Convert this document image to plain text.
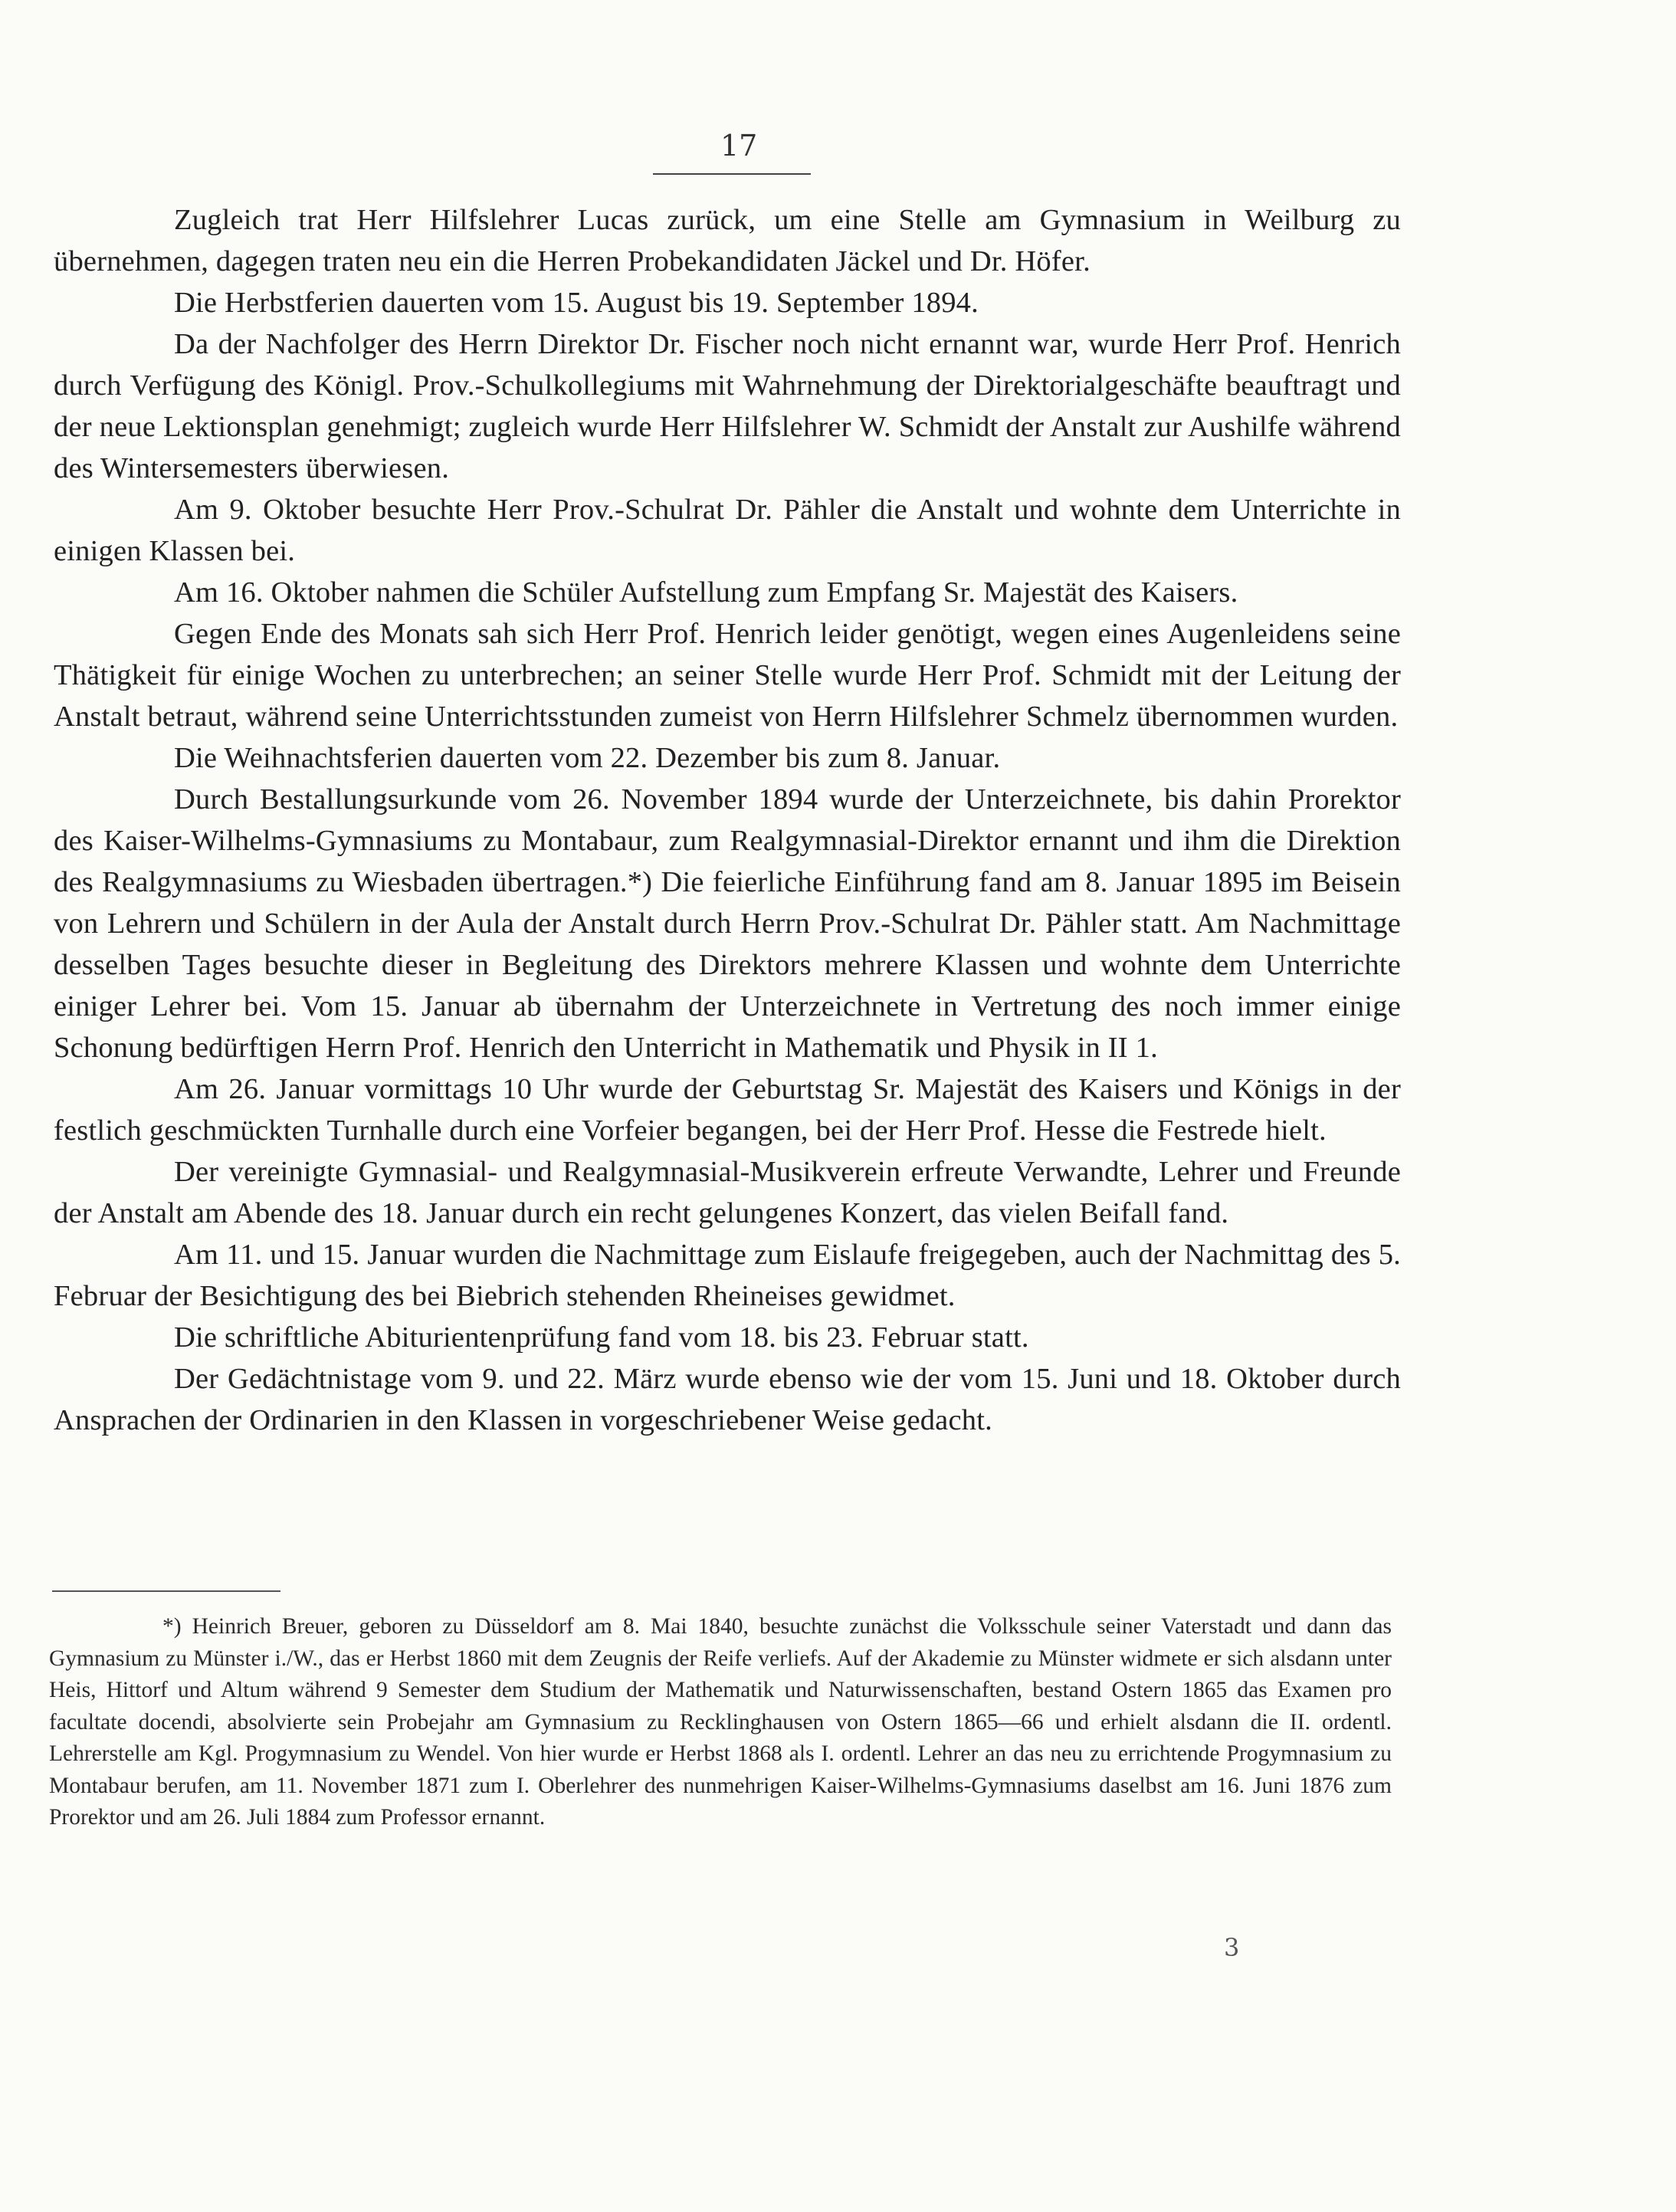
17

Zugleich trat Herr Hilfslehrer Lucas zurück, um eine Stelle am Gymnasium in Weilburg zu übernehmen, dagegen traten neu ein die Herren Probekandidaten Jäckel und Dr. Höfer.

Die Herbstferien dauerten vom 15. August bis 19. September 1894.

Da der Nachfolger des Herrn Direktor Dr. Fischer noch nicht ernannt war, wurde Herr Prof. Henrich durch Verfügung des Königl. Prov.-Schulkollegiums mit Wahrnehmung der Direktorialgeschäfte beauftragt und der neue Lektionsplan genehmigt; zugleich wurde Herr Hilfslehrer W. Schmidt der Anstalt zur Aushilfe während des Wintersemesters überwiesen.

Am 9. Oktober besuchte Herr Prov.-Schulrat Dr. Pähler die Anstalt und wohnte dem Unterrichte in einigen Klassen bei.

Am 16. Oktober nahmen die Schüler Aufstellung zum Empfang Sr. Majestät des Kaisers.

Gegen Ende des Monats sah sich Herr Prof. Henrich leider genötigt, wegen eines Augenleidens seine Thätigkeit für einige Wochen zu unterbrechen; an seiner Stelle wurde Herr Prof. Schmidt mit der Leitung der Anstalt betraut, während seine Unterrichtsstunden zumeist von Herrn Hilfslehrer Schmelz übernommen wurden.

Die Weihnachtsferien dauerten vom 22. Dezember bis zum 8. Januar.

Durch Bestallungsurkunde vom 26. November 1894 wurde der Unterzeichnete, bis dahin Prorektor des Kaiser-Wilhelms-Gymnasiums zu Montabaur, zum Realgymnasial-Direktor ernannt und ihm die Direktion des Realgymnasiums zu Wiesbaden übertragen.*) Die feierliche Einführung fand am 8. Januar 1895 im Beisein von Lehrern und Schülern in der Aula der Anstalt durch Herrn Prov.-Schulrat Dr. Pähler statt. Am Nachmittage desselben Tages besuchte dieser in Begleitung des Direktors mehrere Klassen und wohnte dem Unterrichte einiger Lehrer bei. Vom 15. Januar ab übernahm der Unterzeichnete in Vertretung des noch immer einige Schonung bedürftigen Herrn Prof. Henrich den Unterricht in Mathematik und Physik in II 1.

Am 26. Januar vormittags 10 Uhr wurde der Geburtstag Sr. Majestät des Kaisers und Königs in der festlich geschmückten Turnhalle durch eine Vorfeier begangen, bei der Herr Prof. Hesse die Festrede hielt.

Der vereinigte Gymnasial- und Realgymnasial-Musikverein erfreute Verwandte, Lehrer und Freunde der Anstalt am Abende des 18. Januar durch ein recht gelungenes Konzert, das vielen Beifall fand.

Am 11. und 15. Januar wurden die Nachmittage zum Eislaufe freigegeben, auch der Nachmittag des 5. Februar der Besichtigung des bei Biebrich stehenden Rheineises gewidmet.

Die schriftliche Abiturientenprüfung fand vom 18. bis 23. Februar statt.

Der Gedächtnistage vom 9. und 22. März wurde ebenso wie der vom 15. Juni und 18. Oktober durch Ansprachen der Ordinarien in den Klassen in vorgeschriebener Weise gedacht.

*) Heinrich Breuer, geboren zu Düsseldorf am 8. Mai 1840, besuchte zunächst die Volksschule seiner Vaterstadt und dann das Gymnasium zu Münster i./W., das er Herbst 1860 mit dem Zeugnis der Reife verliefs. Auf der Akademie zu Münster widmete er sich alsdann unter Heis, Hittorf und Altum während 9 Semester dem Studium der Mathematik und Naturwissenschaften, bestand Ostern 1865 das Examen pro facultate docendi, absolvierte sein Probejahr am Gymnasium zu Recklinghausen von Ostern 1865—66 und erhielt alsdann die II. ordentl. Lehrerstelle am Kgl. Progymnasium zu Wendel. Von hier wurde er Herbst 1868 als I. ordentl. Lehrer an das neu zu errichtende Progymnasium zu Montabaur berufen, am 11. November 1871 zum I. Oberlehrer des nunmehrigen Kaiser-Wilhelms-Gymnasiums daselbst am 16. Juni 1876 zum Prorektor und am 26. Juli 1884 zum Professor ernannt.

3
